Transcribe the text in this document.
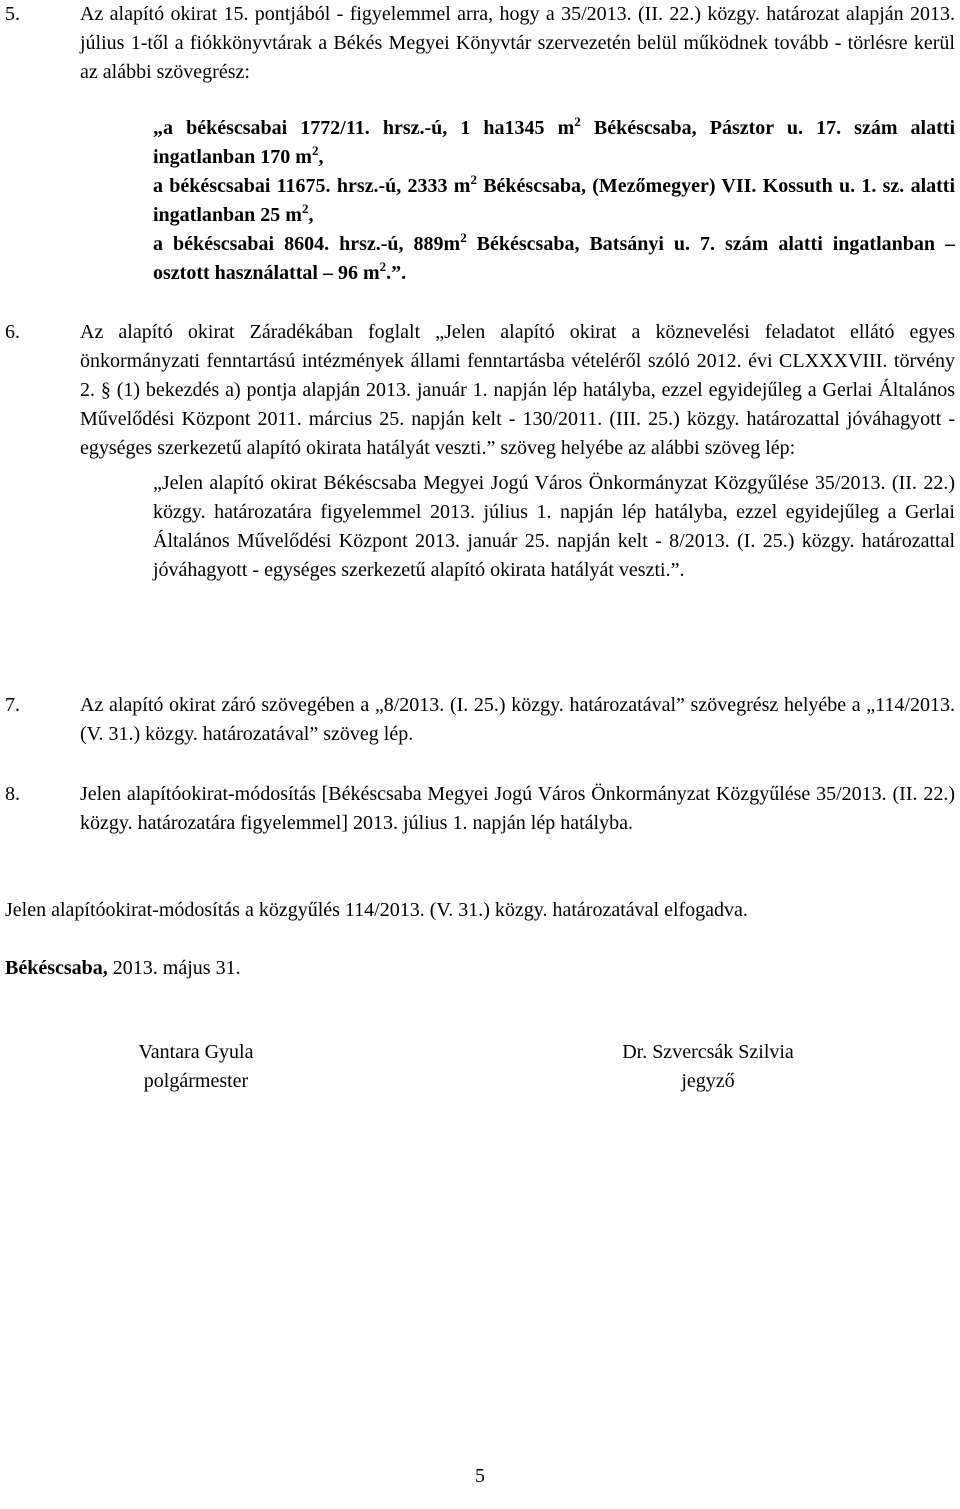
5.	Az alapító okirat 15. pontjából - figyelemmel arra, hogy a 35/2013. (II. 22.) közgy. határozat alapján 2013. július 1-től a fiókkönyvtárak a Békés Megyei Könyvtár szervezetén belül működnek tovább - törlésre kerül az alábbi szövegrész:
„a békéscsabai 1772/11. hrsz.-ú, 1 ha1345 $m^2$ Békéscsaba, Pásztor u. 17. szám alatti ingatlanban 170 $m^2$,
a békéscsabai 11675. hrsz.-ú, 2333 $m^2$ Békéscsaba, (Mezőmegyer) VII. Kossuth u. 1. sz. alatti ingatlanban 25 $m^2$,
a békéscsabai 8604. hrsz.-ú, $889m^2$ Békéscsaba, Batsányi u. 7. szám alatti ingatlanban – osztott használattal – 96 $m^2$.”.
6.	Az alapító okirat Záradékában foglalt „Jelen alapító okirat a köznevelési feladatot ellátó egyes önkormányzati fenntartású intézmények állami fenntartásba vételéről szóló 2012. évi CLXXXVIII. törvény 2. § (1) bekezdés a) pontja alapján 2013. január 1. napján lép hatályba, ezzel egyidejűleg a Gerlai Általános Művelődési Központ 2011. március 25. napján kelt - 130/2011. (III. 25.) közgy. határozattal jóváhagyott - egységes szerkezetű alapító okirata hatályát veszti.” szöveg helyébe az alábbi szöveg lép:
„Jelen alapító okirat Békéscsaba Megyei Jogú Város Önkormányzat Közgyűlése 35/2013. (II. 22.) közgy. határozatára figyelemmel 2013. július 1. napján lép hatályba, ezzel egyidejűleg a Gerlai Általános Művelődési Központ 2013. január 25. napján kelt - 8/2013. (I. 25.) közgy. határozattal jóváhagyott - egységes szerkezetű alapító okirata hatályát veszti.”.
7.	Az alapító okirat záró szövegében a „8/2013. (I. 25.) közgy. határozatával” szövegrész helyébe a „114/2013. (V. 31.) közgy. határozatával” szöveg lép.
8.	Jelen alapítóokirat-módosítás [Békéscsaba Megyei Jogú Város Önkormányzat Közgyűlése 35/2013. (II. 22.) közgy. határozatára figyelemmel] 2013. július 1. napján lép hatályba.
Jelen alapítóokirat-módosítás a közgyűlés 114/2013. (V. 31.) közgy. határozatával elfogadva.
Békéscsaba, 2013. május 31.
Vantara Gyula
polgármester
Dr. Szvercsák Szilvia
jegyző
5
